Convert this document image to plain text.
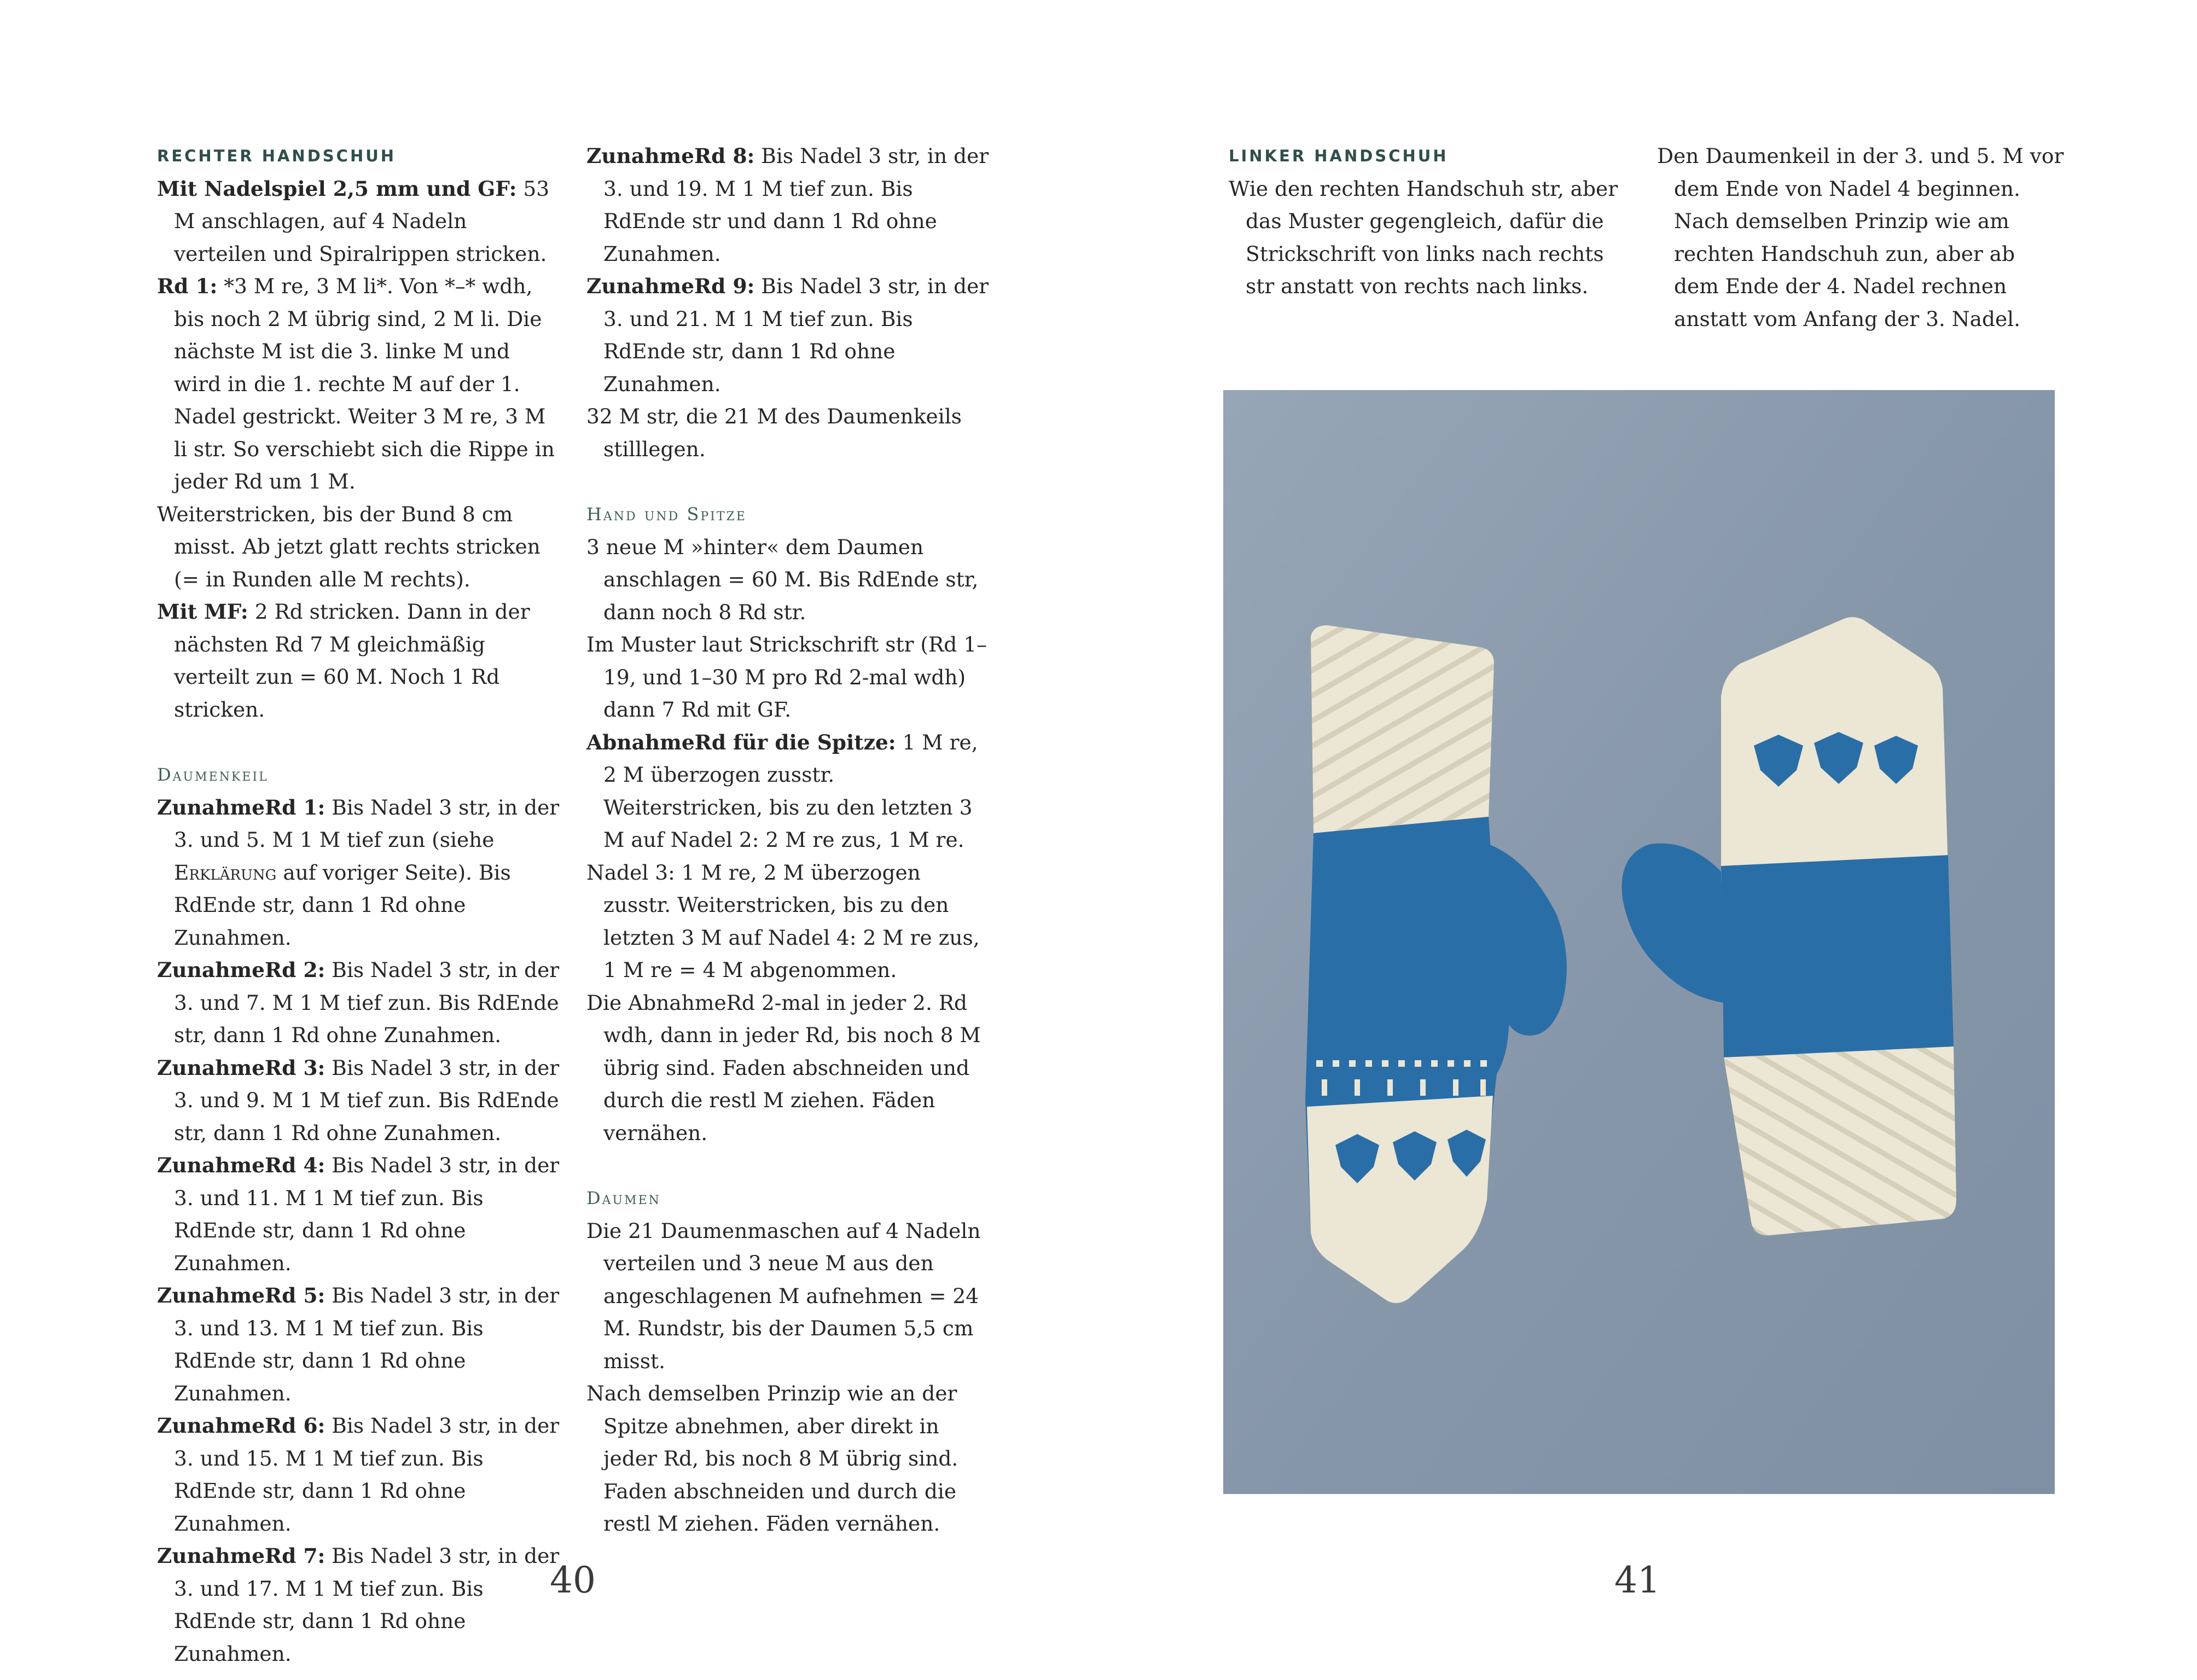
RECHTER HANDSCHUH

Mit Nadelspiel 2,5 mm und GF: 53 M anschlagen, auf 4 Nadeln verteilen und Spiralrippen stricken.

Rd 1: *3 M re, 3 M li*. Von *–* wdh, bis noch 2 M übrig sind, 2 M li. Die nächste M ist die 3. linke M und wird in die 1. rechte M auf der 1. Nadel gestrickt. Weiter 3 M re, 3 M li str. So verschiebt sich die Rippe in jeder Rd um 1 M.

Weiterstricken, bis der Bund 8 cm misst. Ab jetzt glatt rechts stricken (= in Runden alle M rechts).

Mit MF: 2 Rd stricken. Dann in der nächsten Rd 7 M gleichmäßig verteilt zun = 60 M. Noch 1 Rd stricken.

Daumenkeil

ZunahmeRd 1: Bis Nadel 3 str, in der 3. und 5. M 1 M tief zun (siehe Erklärung auf voriger Seite). Bis RdEnde str, dann 1 Rd ohne Zunahmen.

ZunahmeRd 2: Bis Nadel 3 str, in der 3. und 7. M 1 M tief zun. Bis RdEnde str, dann 1 Rd ohne Zunahmen.

ZunahmeRd 3: Bis Nadel 3 str, in der 3. und 9. M 1 M tief zun. Bis RdEnde str, dann 1 Rd ohne Zunahmen.

ZunahmeRd 4: Bis Nadel 3 str, in der 3. und 11. M 1 M tief zun. Bis RdEnde str, dann 1 Rd ohne Zunahmen.

ZunahmeRd 5: Bis Nadel 3 str, in der 3. und 13. M 1 M tief zun. Bis RdEnde str, dann 1 Rd ohne Zunahmen.

ZunahmeRd 6: Bis Nadel 3 str, in der 3. und 15. M 1 M tief zun. Bis RdEnde str, dann 1 Rd ohne Zunahmen.

ZunahmeRd 7: Bis Nadel 3 str, in der 3. und 17. M 1 M tief zun. Bis RdEnde str, dann 1 Rd ohne Zunahmen.

ZunahmeRd 8: Bis Nadel 3 str, in der 3. und 19. M 1 M tief zun. Bis RdEnde str und dann 1 Rd ohne Zunahmen.

ZunahmeRd 9: Bis Nadel 3 str, in der 3. und 21. M 1 M tief zun. Bis RdEnde str, dann 1 Rd ohne Zunahmen.

32 M str, die 21 M des Daumenkeils stilllegen.

Hand und Spitze

3 neue M »hinter« dem Daumen anschlagen = 60 M. Bis RdEnde str, dann noch 8 Rd str.

Im Muster laut Strickschrift str (Rd 1–19, und 1–30 M pro Rd 2-mal wdh) dann 7 Rd mit GF.

AbnahmeRd für die Spitze: 1 M re, 2 M überzogen zusstr. Weiterstricken, bis zu den letzten 3 M auf Nadel 2: 2 M re zus, 1 M re.

Nadel 3: 1 M re, 2 M überzogen zusstr. Weiterstricken, bis zu den letzten 3 M auf Nadel 4: 2 M re zus, 1 M re = 4 M abgenommen.

Die AbnahmeRd 2-mal in jeder 2. Rd wdh, dann in jeder Rd, bis noch 8 M übrig sind. Faden abschneiden und durch die restl M ziehen. Fäden vernähen.

Daumen

Die 21 Daumenmaschen auf 4 Nadeln verteilen und 3 neue M aus den angeschlagenen M aufnehmen = 24 M. Rundstr, bis der Daumen 5,5 cm misst.

Nach demselben Prinzip wie an der Spitze abnehmen, aber direkt in jeder Rd, bis noch 8 M übrig sind. Faden abschneiden und durch die restl M ziehen. Fäden vernähen.

40
LINKER HANDSCHUH

Wie den rechten Handschuh str, aber das Muster gegengleich, dafür die Strickschrift von links nach rechts str anstatt von rechts nach links.

Den Daumenkeil in der 3. und 5. M vor dem Ende von Nadel 4 beginnen. Nach demselben Prinzip wie am rechten Handschuh zun, aber ab dem Ende der 4. Nadel rechnen anstatt vom Anfang der 3. Nadel.

41
